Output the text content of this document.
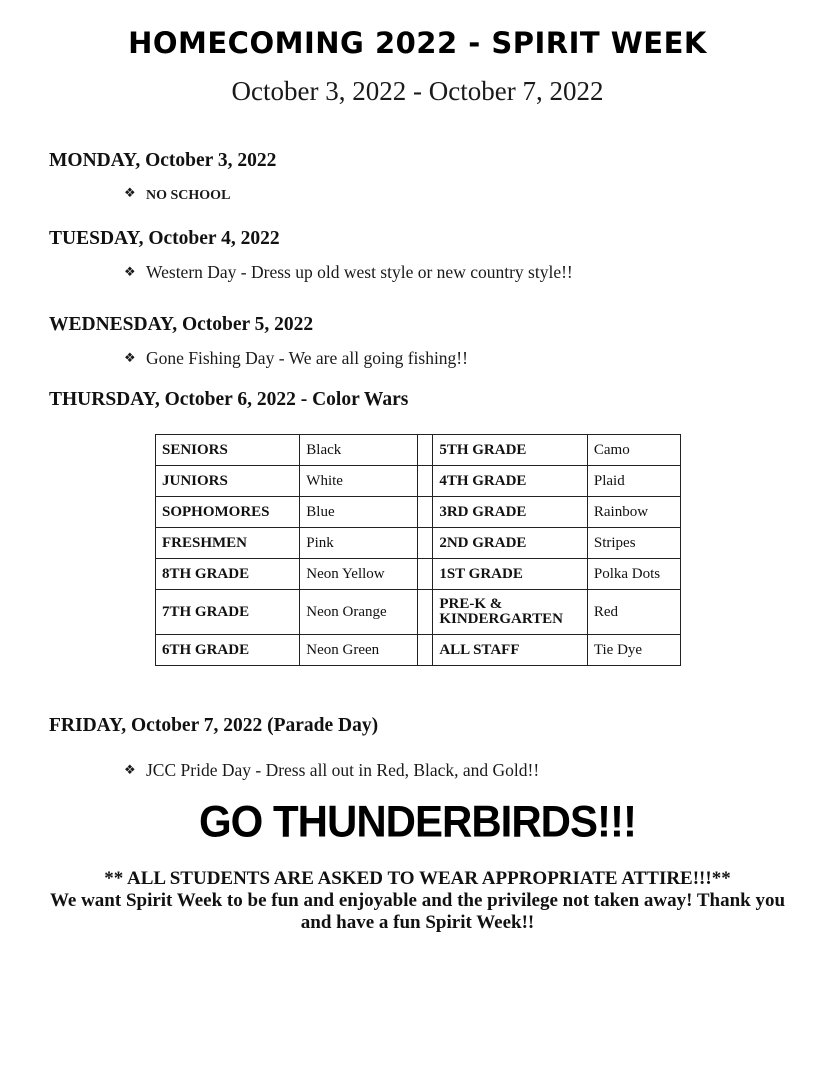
HOMECOMING 2022 - SPIRIT WEEK
October 3, 2022 - October 7, 2022
MONDAY, October 3, 2022
❖ NO SCHOOL
TUESDAY, October 4, 2022
❖ Western Day - Dress up old west style or new country style!!
WEDNESDAY, October 5, 2022
❖ Gone Fishing Day - We are all going fishing!!
THURSDAY, October 6, 2022 - Color Wars
SENIORS	Black		5TH GRADE	Camo
JUNIORS	White		4TH GRADE	Plaid
SOPHOMORES	Blue		3RD GRADE	Rainbow
FRESHMEN	Pink		2ND GRADE	Stripes
8TH GRADE	Neon Yellow		1ST GRADE	Polka Dots
7TH GRADE	Neon Orange		PRE-K & KINDERGARTEN	Red
6TH GRADE	Neon Green		ALL STAFF	Tie Dye
FRIDAY, October 7, 2022 (Parade Day)
❖ JCC Pride Day - Dress all out in Red, Black, and Gold!!
GO THUNDERBIRDS!!!
** ALL STUDENTS ARE ASKED TO WEAR APPROPRIATE ATTIRE!!!**
We want Spirit Week to be fun and enjoyable and the privilege not taken away! Thank you and have a fun Spirit Week!!
